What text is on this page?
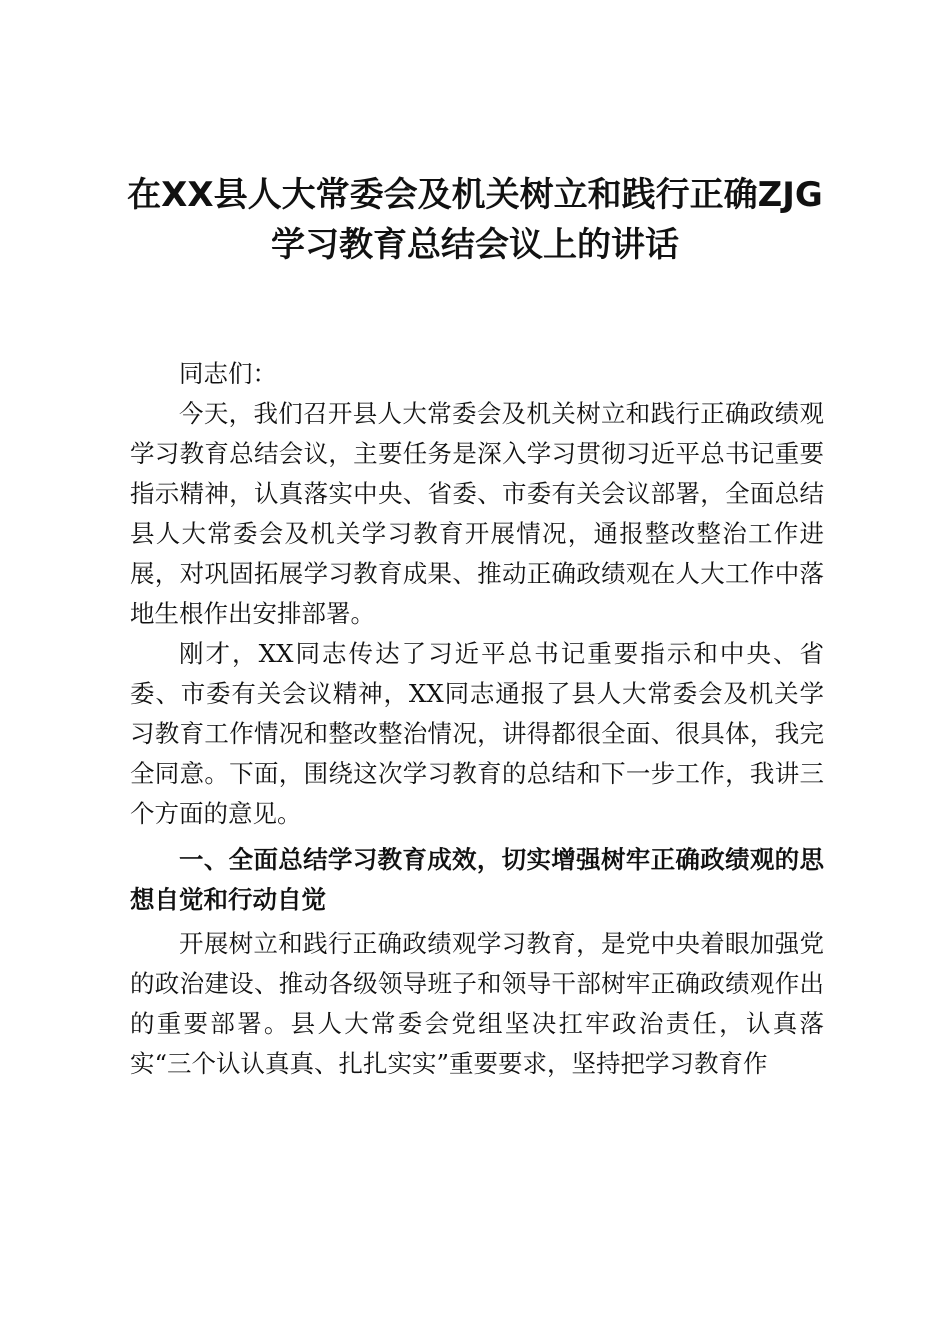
在XX县人大常委会及机关树立和践行正确ZJG
学习教育总结会议上的讲话

同志们：

今天，我们召开县人大常委会及机关树立和践行正确政绩观学习教育总结会议，主要任务是深入学习贯彻习近平总书记重要指示精神，认真落实中央、省委、市委有关会议部署，全面总结县人大常委会及机关学习教育开展情况，通报整改整治工作进展，对巩固拓展学习教育成果、推动正确政绩观在人大工作中落地生根作出安排部署。

刚才，XX同志传达了习近平总书记重要指示和中央、省委、市委有关会议精神，XX同志通报了县人大常委会及机关学习教育工作情况和整改整治情况，讲得都很全面、很具体，我完全同意。下面，围绕这次学习教育的总结和下一步工作，我讲三个方面的意见。

一、全面总结学习教育成效，切实增强树牢正确政绩观的思想自觉和行动自觉

开展树立和践行正确政绩观学习教育，是党中央着眼加强党的政治建设、推动各级领导班子和领导干部树牢正确政绩观作出的重要部署。县人大常委会党组坚决扛牢政治责任，认真落实“三个认认真真、扎扎实实”重要要求，坚持把学习教育作
